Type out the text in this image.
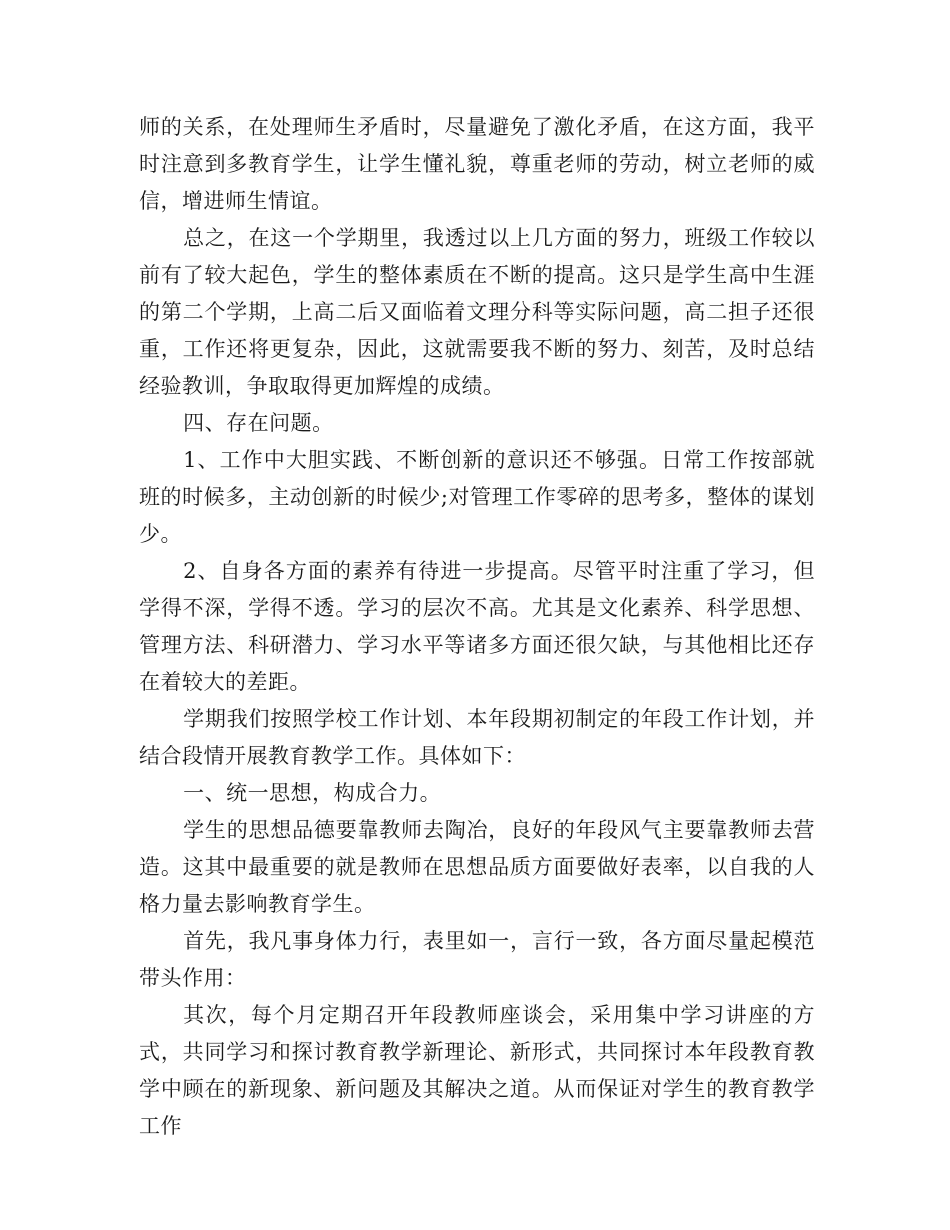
师的关系，在处理师生矛盾时，尽量避免了激化矛盾，在这方面，我平时注意到多教育学生，让学生懂礼貌，尊重老师的劳动，树立老师的威信，增进师生情谊。

总之，在这一个学期里，我透过以上几方面的努力，班级工作较以前有了较大起色，学生的整体素质在不断的提高。这只是学生高中生涯的第二个学期，上高二后又面临着文理分科等实际问题，高二担子还很重，工作还将更复杂，因此，这就需要我不断的努力、刻苦，及时总结经验教训，争取取得更加辉煌的成绩。

四、存在问题。

1、工作中大胆实践、不断创新的意识还不够强。日常工作按部就班的时候多，主动创新的时候少;对管理工作零碎的思考多，整体的谋划少。

2、自身各方面的素养有待进一步提高。尽管平时注重了学习，但学得不深，学得不透。学习的层次不高。尤其是文化素养、科学思想、管理方法、科研潜力、学习水平等诸多方面还很欠缺，与其他相比还存在着较大的差距。

学期我们按照学校工作计划、本年段期初制定的年段工作计划，并结合段情开展教育教学工作。具体如下：

一、统一思想，构成合力。

学生的思想品德要靠教师去陶冶，良好的年段风气主要靠教师去营造。这其中最重要的就是教师在思想品质方面要做好表率，以自我的人格力量去影响教育学生。

首先，我凡事身体力行，表里如一，言行一致，各方面尽量起模范带头作用：

其次，每个月定期召开年段教师座谈会，采用集中学习讲座的方式，共同学习和探讨教育教学新理论、新形式，共同探讨本年段教育教学中顾在的新现象、新问题及其解决之道。从而保证对学生的教育教学工作
